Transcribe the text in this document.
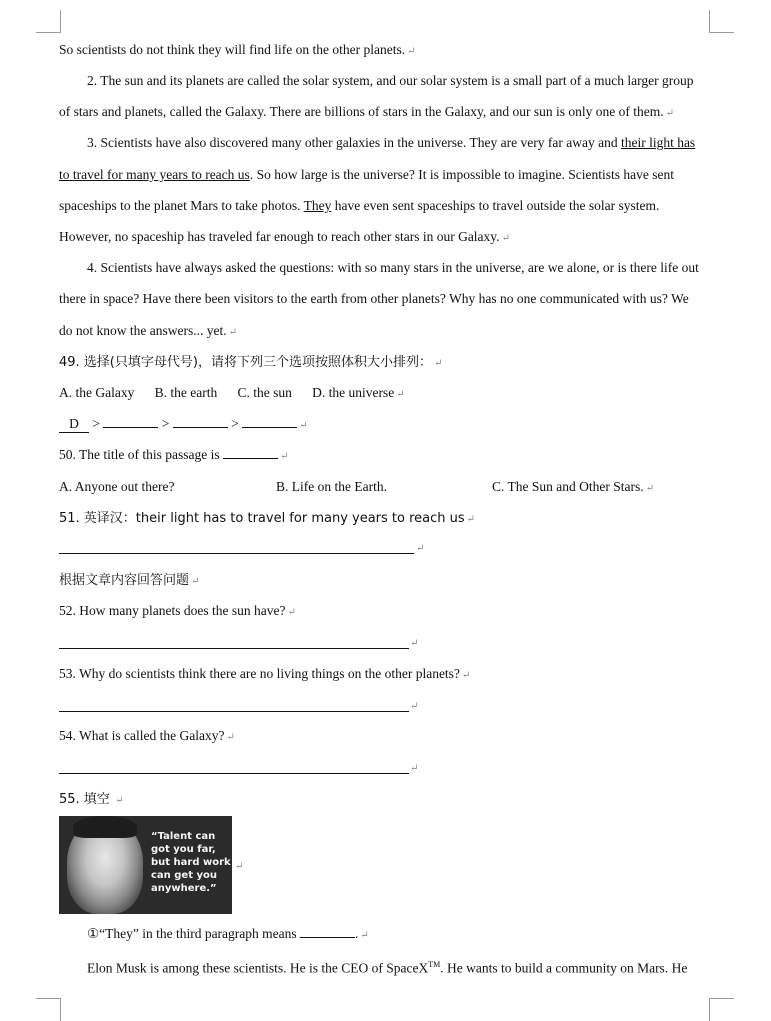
So scientists do not think they will find life on the other planets. ↵
2. The sun and its planets are called the solar system, and our solar system is a small part of a much larger group
of stars and planets, called the Galaxy. There are billions of stars in the Galaxy, and our sun is only one of them. ↵
3. Scientists have also discovered many other galaxies in the universe. They are very far away and their light has
to travel for many years to reach us. So how large is the universe? It is impossible to imagine. Scientists have sent
spaceships to the planet Mars to take photos. They have even sent spaceships to travel outside the solar system.
However, no spaceship has traveled far enough to reach other stars in our Galaxy. ↵
4. Scientists have always asked the questions: with so many stars in the universe, are we alone, or is there life out
there in space? Have there been visitors to the earth from other planets? Why has no one communicated with us? We
do not know the answers... yet. ↵
49. 选择(只填字母代号)，请将下列三个选项按照体积大小排列： ↵
A. the Galaxy      B. the earth      C. the sun      D. the universe ↵
D >	>	>	↵
50. The title of this passage is	↵
A. Anyone out there?	B. Life on the Earth.	C. The Sun and Other Stars. ↵
51. 英译汉：their light has to travel for many years to reach us ↵
↵
根据文章内容回答问题 ↵
52. How many planets does the sun have? ↵
↵
53. Why do scientists think there are no living things on the other planets? ↵
↵
54. What is called the Galaxy? ↵
↵
55. 填空 ↵
“Talent can
got you far,
but hard work
can get you
anywhere.”
↵
①“They” in the third paragraph means	. ↵
Elon Musk is among these scientists. He is the CEO of SpaceX™. He wants to build a community on Mars. He
